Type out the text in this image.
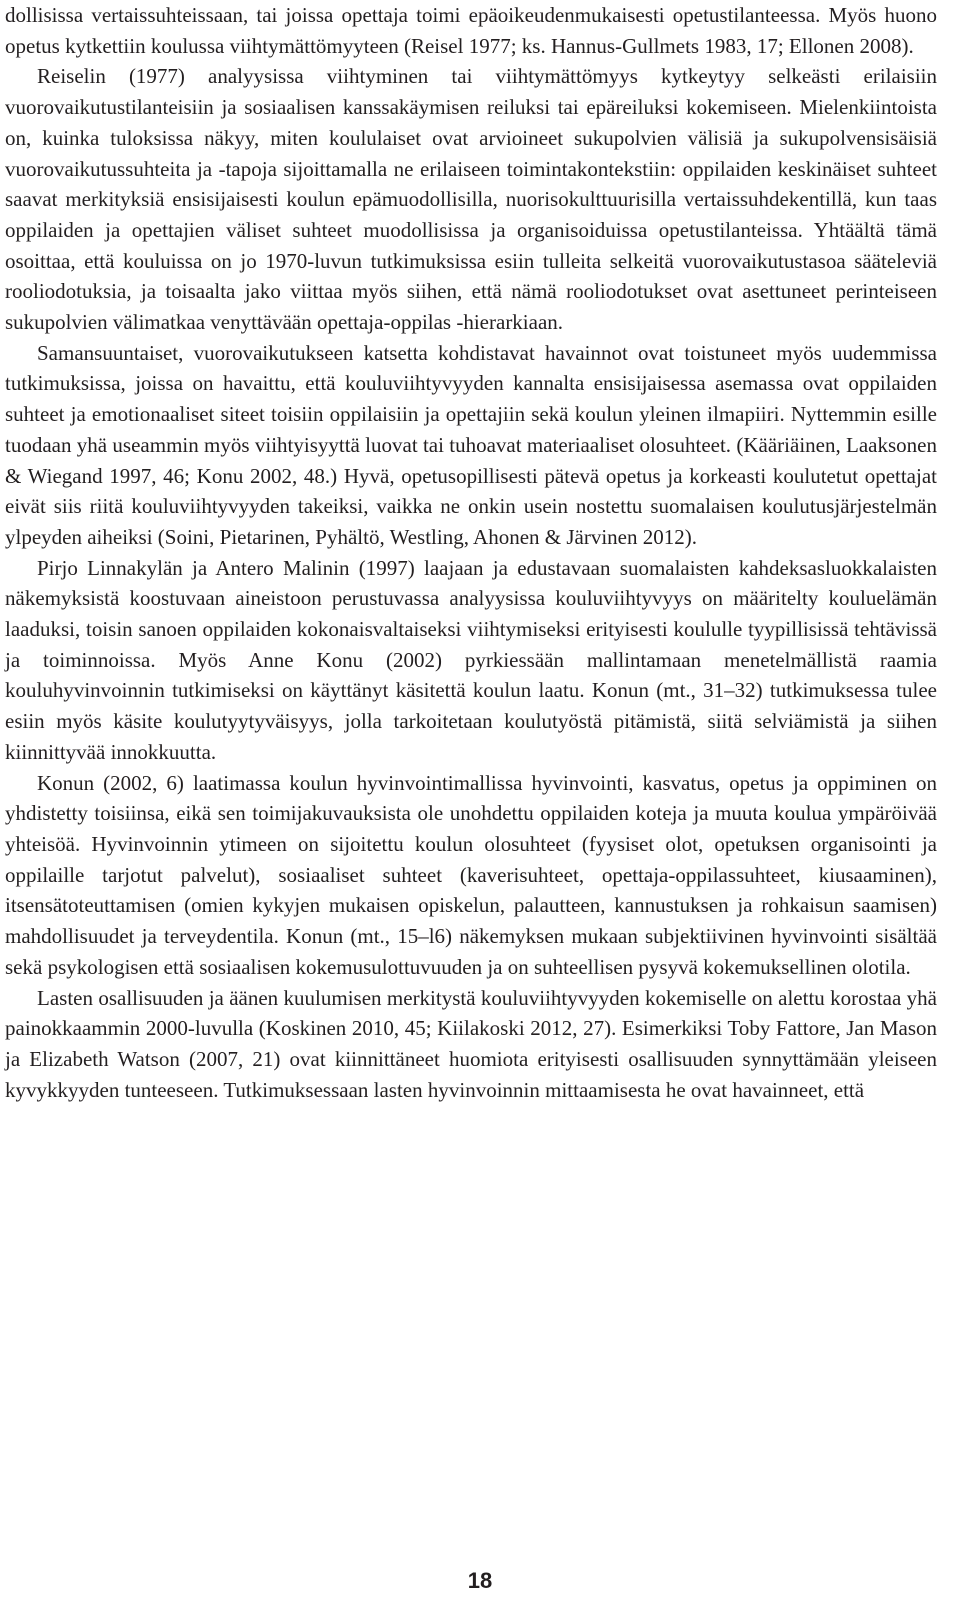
dollisissa vertaissuhteissaan, tai joissa opettaja toimi epäoikeudenmukaisesti opetustilanteessa. Myös huono opetus kytkettiin koulussa viihtymättömyyteen (Reisel 1977; ks. Hannus-Gullmets 1983, 17; Ellonen 2008).

Reiselin (1977) analyysissa viihtyminen tai viihtymättömyys kytkeytyy selkeästi erilaisiin vuorovaikutustilanteisiin ja sosiaalisen kanssakäymisen reiluksi tai epäreiluksi kokemiseen. Mielenkiintoista on, kuinka tuloksissa näkyy, miten koululaiset ovat arvioineet sukupolvien välisiä ja sukupolvensisäisiä vuorovaikutussuhteita ja -tapoja sijoittamalla ne erilaiseen toimintakontekstiin: oppilaiden keskinäiset suhteet saavat merkityksiä ensisijaisesti koulun epämuodollisilla, nuorisokulttuurisilla vertaissuhdekentillä, kun taas oppilaiden ja opettajien väliset suhteet muodollisissa ja organisoiduissa opetustilanteissa. Yhtäältä tämä osoittaa, että kouluissa on jo 1970-luvun tutkimuksissa esiin tulleita selkeitä vuorovaikutustasoa sääteleviä rooliodotuksia, ja toisaalta jako viittaa myös siihen, että nämä rooliodotukset ovat asettuneet perinteiseen sukupolvien välimatkaa venyttävään opettaja-oppilas -hierarkiaan.

Samansuuntaiset, vuorovaikutukseen katsetta kohdistavat havainnot ovat toistuneet myös uudemmissa tutkimuksissa, joissa on havaittu, että kouluviihtyvyyden kannalta ensisijaisessa asemassa ovat oppilaiden suhteet ja emotionaaliset siteet toisiin oppilaisiin ja opettajiin sekä koulun yleinen ilmapiiri. Nyttemmin esille tuodaan yhä useammin myös viihtyisyyttä luovat tai tuhoavat materiaaliset olosuhteet. (Kääriäinen, Laaksonen & Wiegand 1997, 46; Konu 2002, 48.) Hyvä, opetusopillisesti pätevä opetus ja korkeasti koulutetut opettajat eivät siis riitä kouluviihtyvyyden takeiksi, vaikka ne onkin usein nostettu suomalaisen koulutusjärjestelmän ylpeyden aiheiksi (Soini, Pietarinen, Pyhältö, Westling, Ahonen & Järvinen 2012).

Pirjo Linnakylän ja Antero Malinin (1997) laajaan ja edustavaan suomalaisten kahdeksasluokkalaisten näkemyksistä koostuvaan aineistoon perustuvassa analyysissa kouluviihtyvyys on määritelty kouluelämän laaduksi, toisin sanoen oppilaiden kokonaisvaltaiseksi viihtymiseksi erityisesti koululle tyypillisissä tehtävissä ja toiminnoissa. Myös Anne Konu (2002) pyrkiessään mallintamaan menetelmällistä raamia kouluhyvinvoinnin tutkimiseksi on käyttänyt käsitettä koulun laatu. Konun (mt., 31–32) tutkimuksessa tulee esiin myös käsite koulutyytyväisyys, jolla tarkoitetaan koulutyöstä pitämistä, siitä selviämistä ja siihen kiinnittyvää innokkuutta.

Konun (2002, 6) laatimassa koulun hyvinvointimallissa hyvinvointi, kasvatus, opetus ja oppiminen on yhdistetty toisiinsa, eikä sen toimijakuvauksista ole unohdettu oppilaiden koteja ja muuta koulua ympäröivää yhteisöä. Hyvinvoinnin ytimeen on sijoitettu koulun olosuhteet (fyysiset olot, opetuksen organisointi ja oppilaille tarjotut palvelut), sosiaaliset suhteet (kaverisuhteet, opettaja-oppilassuhteet, kiusaaminen), itsensätoteuttamisen (omien kykyjen mukaisen opiskelun, palautteen, kannustuksen ja rohkaisun saamisen) mahdollisuudet ja terveydentila. Konun (mt., 15–l6) näkemyksen mukaan subjektiivinen hyvinvointi sisältää sekä psykologisen että sosiaalisen kokemusulottuvuuden ja on suhteellisen pysyvä kokemuksellinen olotila.

Lasten osallisuuden ja äänen kuulumisen merkitystä kouluviihtyvyyden kokemiselle on alettu korostaa yhä painokkaammin 2000-luvulla (Koskinen 2010, 45; Kiilakoski 2012, 27). Esimerkiksi Toby Fattore, Jan Mason ja Elizabeth Watson (2007, 21) ovat kiinnittäneet huomiota erityisesti osallisuuden synnyttämään yleiseen kyvykkyyden tunteeseen. Tutkimuksessaan lasten hyvinvoinnin mittaamisesta he ovat havainneet, että

18
